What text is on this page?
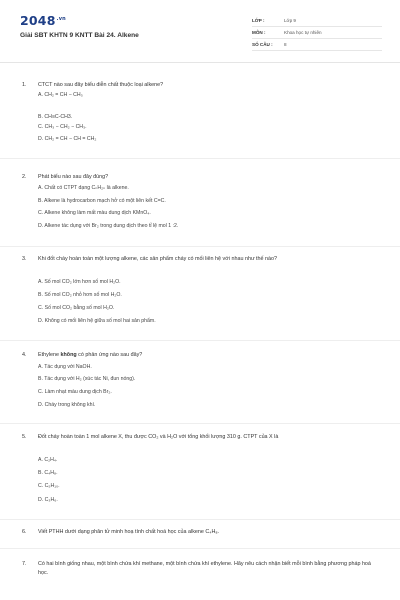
$2048^{.vn}$
Giải SBT KHTN 9 KNTT Bài 24. Alkene
LỚP :	Lớp 9
MÔN :	Khoa học tự nhiên
SỐ CÂU : 8
1.	CTCT nào sau đây biểu diễn chất thuộc loại alkene?
A. CH₂ = CH − CH₃
B. CH≡C-CH3.
C. CH₃ − CH₂ − CH₃.
D. CH₂ = CH − CH = CH₂
2.	Phát biểu nào sau đây đúng?
A. Chất có CTPT dạng CₙH₂ₙ là alkene.
B. Alkene là hydrocarbon mạch hở có một liên kết C=C.
C. Alkene không làm mất màu dung dịch KMnO₄.
D. Alkene tác dụng với Br₂ trong dung dịch theo tỉ lệ mol 1 :2.
3.	Khi đốt cháy hoàn toàn một lượng alkene, các sản phẩm cháy có mối liên hệ với nhau như thế nào?
A. Số mol CO₂ lớn hơn số mol H₂O.
B. Số mol CO₂ nhỏ hơn số mol H₂O.
C. Số mol CO₂ bằng số mol H₂O.
D. Không có mối liên hệ giữa số mol hai sản phẩm.
4.	Ethylene không có phản ứng nào sau đây?
A. Tác dụng với NaOH.
B. Tác dụng với H₂ (xúc tác Ni, đun nóng).
C. Làm nhạt màu dung dịch Br₂.
D. Cháy trong không khí.
5.	Đốt cháy hoàn toàn 1 mol alkene X, thu được CO₂ và H₂O với tổng khối lượng 310 g. CTPT của X là
A. C₂H₄.
B. C₄H₈.
C. C₅H₁₀.
D. C₃H₆.
6.	Viết PTHH dưới dạng phân tử minh hoạ tính chất hoá học của alkene C₄H₈.
7.	Có hai bình giống nhau, một bình chứa khí methane, một bình chứa khí ethylene. Hãy nêu cách nhận biết mỗi bình bằng phương pháp hoá học.
